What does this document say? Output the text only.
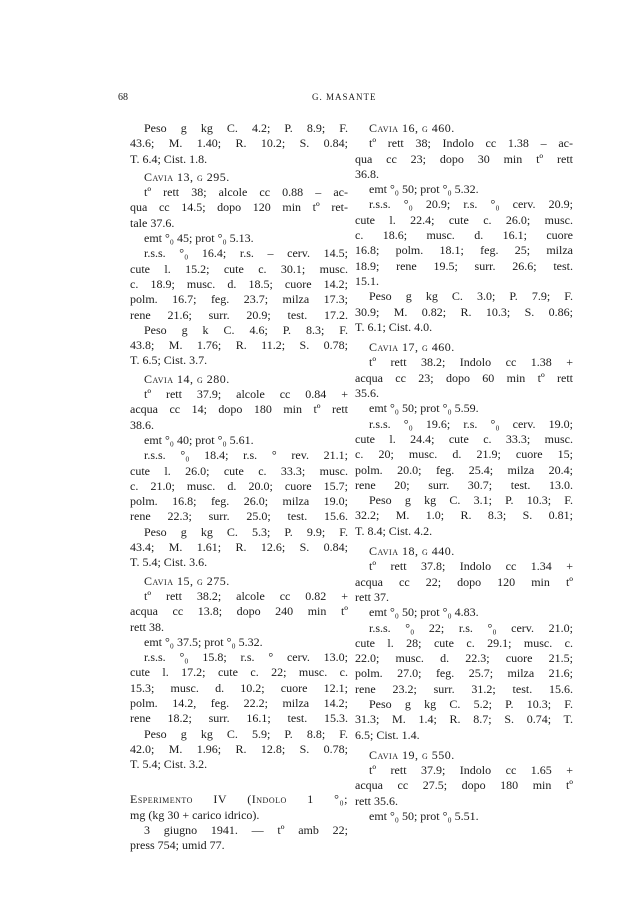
68	G. MASANTE
Peso g kg C. 4.2; P. 8.9; F.
43.6; M. 1.40; R. 10.2; S. 0.84;
T. 6.4; Cist. 1.8.
Cavia 13, g 295.
tº rett 38; alcole cc 0.88 – ac-
qua cc 14.5; dopo 120 min tº ret-
tale 37.6.
emt °₀ 45; prot °₀ 5.13.
r.s.s. °₀ 16.4; r.s. – cerv. 14.5;
cute l. 15.2; cute c. 30.1; musc.
c. 18.9; musc. d. 18.5; cuore 14.2;
polm. 16.7; feg. 23.7; milza 17.3;
rene 21.6; surr. 20.9; test. 17.2.
Peso g k C. 4.6; P. 8.3; F.
43.8; M. 1.76; R. 11.2; S. 0.78;
T. 6.5; Cist. 3.7.
Cavia 14, g 280.
tº rett 37.9; alcole cc 0.84 +
acqua cc 14; dopo 180 min tº rett
38.6.
emt °₀ 40; prot °₀ 5.61.
r.s.s. °₀ 18.4; r.s. ° rev. 21.1;
cute l. 26.0; cute c. 33.3; musc.
c. 21.0; musc. d. 20.0; cuore 15.7;
polm. 16.8; feg. 26.0; milza 19.0;
rene 22.3; surr. 25.0; test. 15.6.
Peso g kg C. 5.3; P. 9.9; F.
43.4; M. 1.61; R. 12.6; S. 0.84;
T. 5.4; Cist. 3.6.
Cavia 15, g 275.
tº rett 38.2; alcole cc 0.82 +
acqua cc 13.8; dopo 240 min tº
rett 38.
emt °₀ 37.5; prot °₀ 5.32.
r.s.s. °₀ 15.8; r.s. ° cerv. 13.0;
cute l. 17.2; cute c. 22; musc. c.
15.3; musc. d. 10.2; cuore 12.1;
polm. 14.2, feg. 22.2; milza 14.2;
rene 18.2; surr. 16.1; test. 15.3.
Peso g kg C. 5.9; P. 8.8; F.
42.0; M. 1.96; R. 12.8; S. 0.78;
T. 5.4; Cist. 3.2.
Esperimento IV (Indolo 1 °₀;
mg (kg 30 + carico idrico).
3 giugno 1941. — tº amb 22;
press 754; umid 77.
Cavia 16, g 460.
tº rett 38; Indolo cc 1.38 – ac-
qua cc 23; dopo 30 min tº rett
36.8.
emt °₀ 50; prot °₀ 5.32.
r.s.s. °₀ 20.9; r.s. °₀ cerv. 20.9;
cute l. 22.4; cute c. 26.0; musc.
c. 18.6; musc. d. 16.1; cuore
16.8; polm. 18.1; feg. 25; milza
18.9; rene 19.5; surr. 26.6; test.
15.1.
Peso g kg C. 3.0; P. 7.9; F.
30.9; M. 0.82; R. 10.3; S. 0.86;
T. 6.1; Cist. 4.0.
Cavia 17, g 460.
tº rett 38.2; Indolo cc 1.38 +
acqua cc 23; dopo 60 min tº rett
35.6.
emt °₀ 50; prot °₀ 5.59.
r.s.s. °₀ 19.6; r.s. °₀ cerv. 19.0;
cute l. 24.4; cute c. 33.3; musc.
c. 20; musc. d. 21.9; cuore 15;
polm. 20.0; feg. 25.4; milza 20.4;
rene 20; surr. 30.7; test. 13.0.
Peso g kg C. 3.1; P. 10.3; F.
32.2; M. 1.0; R. 8.3; S. 0.81;
T. 8.4; Cist. 4.2.
Cavia 18, g 440.
tº rett 37.8; Indolo cc 1.34 +
acqua cc 22; dopo 120 min tº
rett 37.
emt °₀ 50; prot °₀ 4.83.
r.s.s. °₀ 22; r.s. °₀ cerv. 21.0;
cute l. 28; cute c. 29.1; musc. c.
22.0; musc. d. 22.3; cuore 21.5;
polm. 27.0; feg. 25.7; milza 21.6;
rene 23.2; surr. 31.2; test. 15.6.
Peso g kg C. 5.2; P. 10.3; F.
31.3; M. 1.4; R. 8.7; S. 0.74; T.
6.5; Cist. 1.4.
Cavia 19, g 550.
tº rett 37.9; Indolo cc 1.65 +
acqua cc 27.5; dopo 180 min tº
rett 35.6.
emt °₀ 50; prot °₀ 5.51.
